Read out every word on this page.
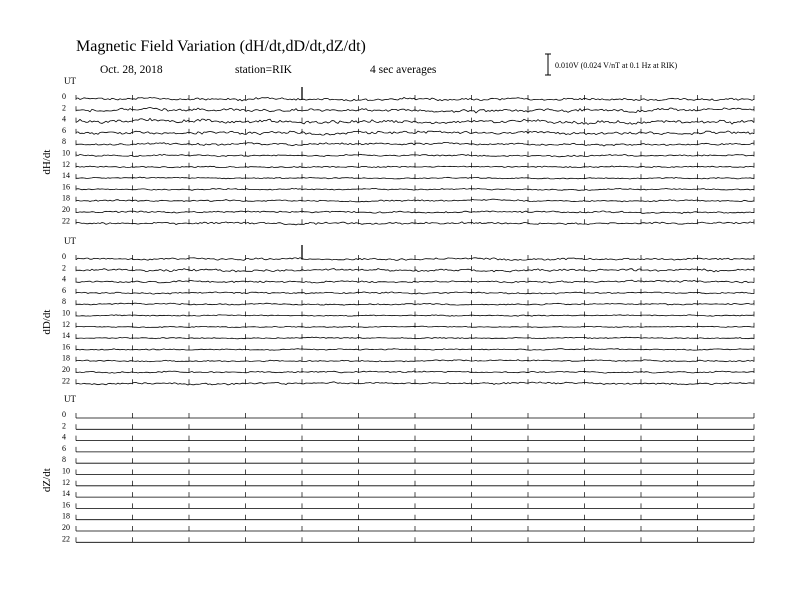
Magnetic Field Variation (dH/dt,dD/dt,dZ/dt)
Oct. 28, 2018	station=RIK	4 sec averages	0.010V (0.024 V/nT at 0.1 Hz at RIK)
UT
dH/dt
0
2
4
6
8
10
12
14
16
18
20
22
UT
dD/dt
0
2
4
6
8
10
12
14
16
18
20
22
UT
dZ/dt
0
2
4
6
8
10
12
14
16
18
20
22
